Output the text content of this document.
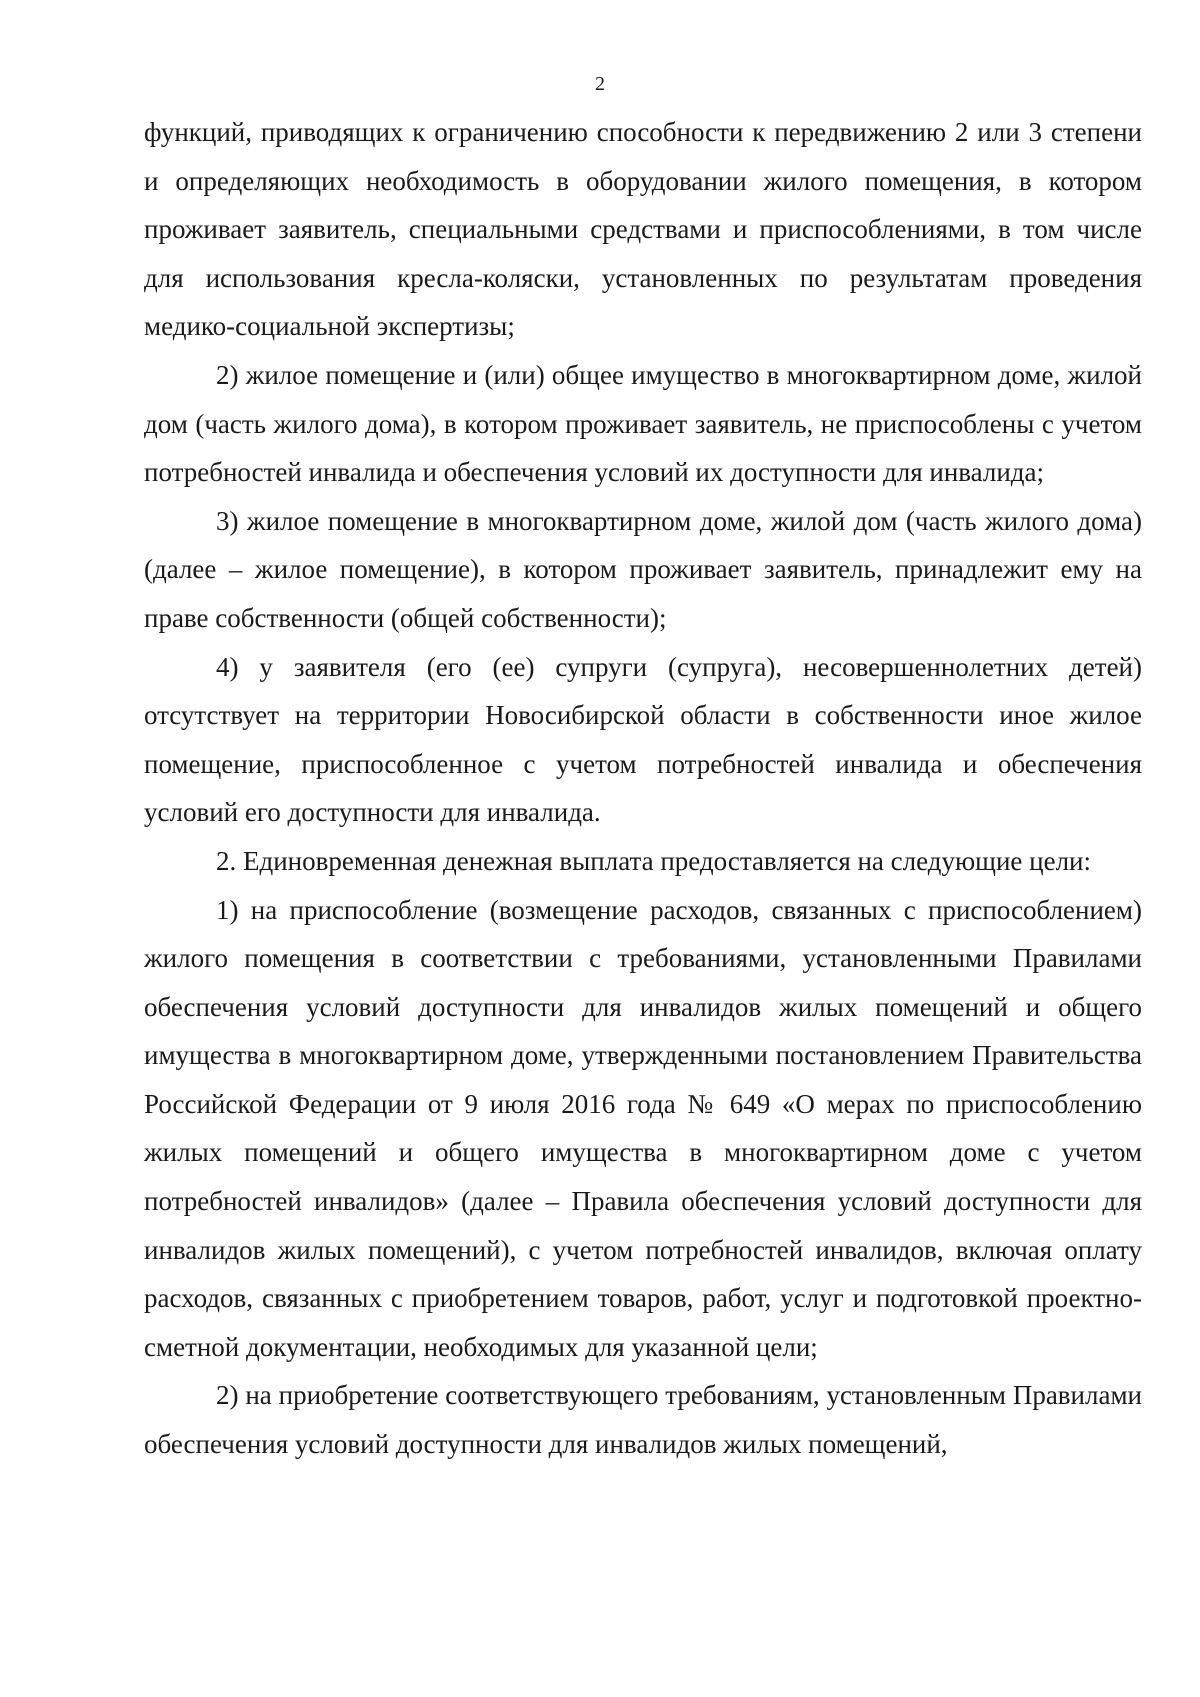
2

функций, приводящих к ограничению способности к передвижению 2 или 3 степени и определяющих необходимость в оборудовании жилого помещения, в котором проживает заявитель, специальными средствами и приспособлениями, в том числе для использования кресла-коляски, установленных по результатам проведения медико-социальной экспертизы;

2) жилое помещение и (или) общее имущество в многоквартирном доме, жилой дом (часть жилого дома), в котором проживает заявитель, не приспособлены с учетом потребностей инвалида и обеспечения условий их доступности для инвалида;

3) жилое помещение в многоквартирном доме, жилой дом (часть жилого дома) (далее – жилое помещение), в котором проживает заявитель, принадлежит ему на праве собственности (общей собственности);

4) у заявителя (его (ее) супруги (супруга), несовершеннолетних детей) отсутствует на территории Новосибирской области в собственности иное жилое помещение, приспособленное с учетом потребностей инвалида и обеспечения условий его доступности для инвалида.

2. Единовременная денежная выплата предоставляется на следующие цели:

1) на приспособление (возмещение расходов, связанных с приспособлением) жилого помещения в соответствии с требованиями, установленными Правилами обеспечения условий доступности для инвалидов жилых помещений и общего имущества в многоквартирном доме, утвержденными постановлением Правительства Российской Федерации от 9 июля 2016 года № 649 «О мерах по приспособлению жилых помещений и общего имущества в многоквартирном доме с учетом потребностей инвалидов» (далее – Правила обеспечения условий доступности для инвалидов жилых помещений), с учетом потребностей инвалидов, включая оплату расходов, связанных с приобретением товаров, работ, услуг и подготовкой проектно-сметной документации, необходимых для указанной цели;

2) на приобретение соответствующего требованиям, установленным Правилами обеспечения условий доступности для инвалидов жилых помещений,
